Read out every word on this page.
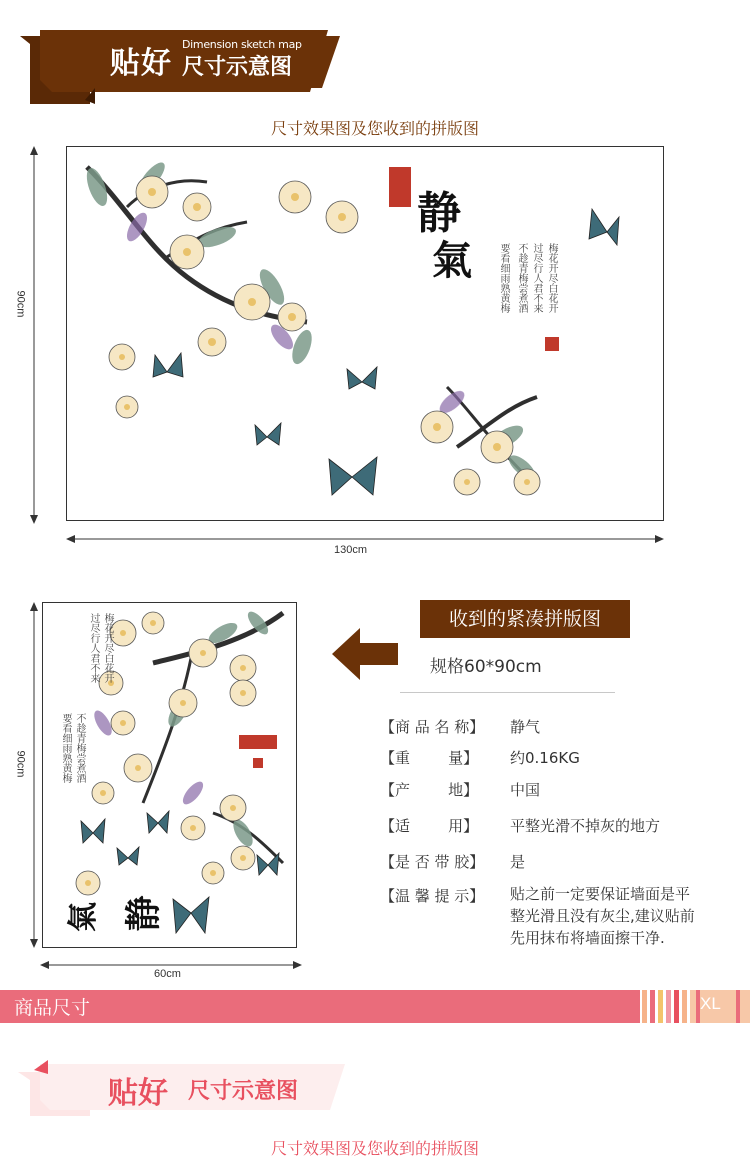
Dimension sketch map
贴好 尺寸示意图
尺寸效果图及您收到的拼版图
90cm
静
氣	梅花开尽白花开
过尽行人君不来
不趁青梅尝煮酒
要看细雨熟黄梅
130cm
90cm
梅花开尽白花开
过尽行人君不来
不趁青梅尝煮酒
要看细雨熟黄梅
静
氣
60cm
收到的紧凑拼版图
规格60*90cm
【商 品 名 称】	静气
【重        量】	约0.16KG
【产        地】	中国
【适        用】	平整光滑不掉灰的地方
【是 否 带 胶】	是
【温 馨 提 示】	贴之前一定要保证墙面是平整光滑且没有灰尘,建议贴前先用抹布将墙面擦干净.
商品尺寸	XL
贴好 尺寸示意图
尺寸效果图及您收到的拼版图
